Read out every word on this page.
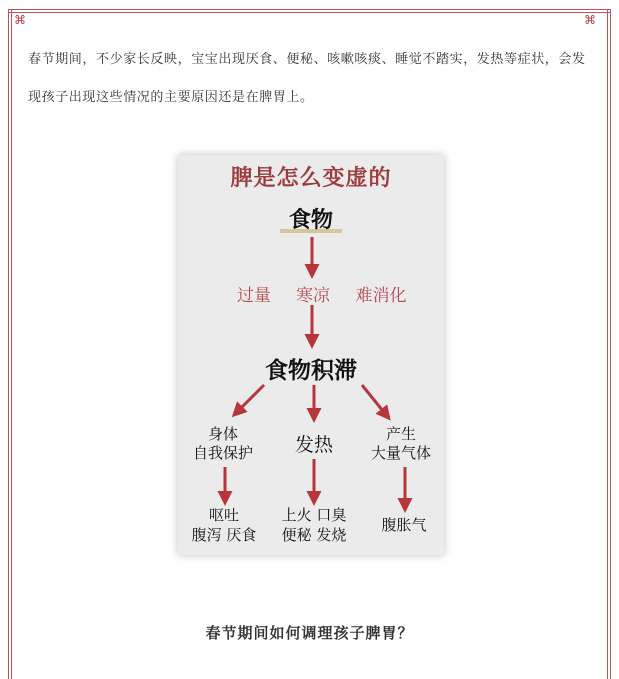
⌘	⌘
春节期间，不少家长反映，宝宝出现厌食、便秘、咳嗽咳痰、睡觉不踏实，发热等症状，会发现孩子出现这些情况的主要原因还是在脾胃上。
脾是怎么变虚的
食物
过量	寒凉	难消化
食物积滞
身体
自我保护	发热	产生
大量气体
呕吐
腹泻 厌食
上火 口臭
便秘 发烧
腹胀气
春节期间如何调理孩子脾胃？
